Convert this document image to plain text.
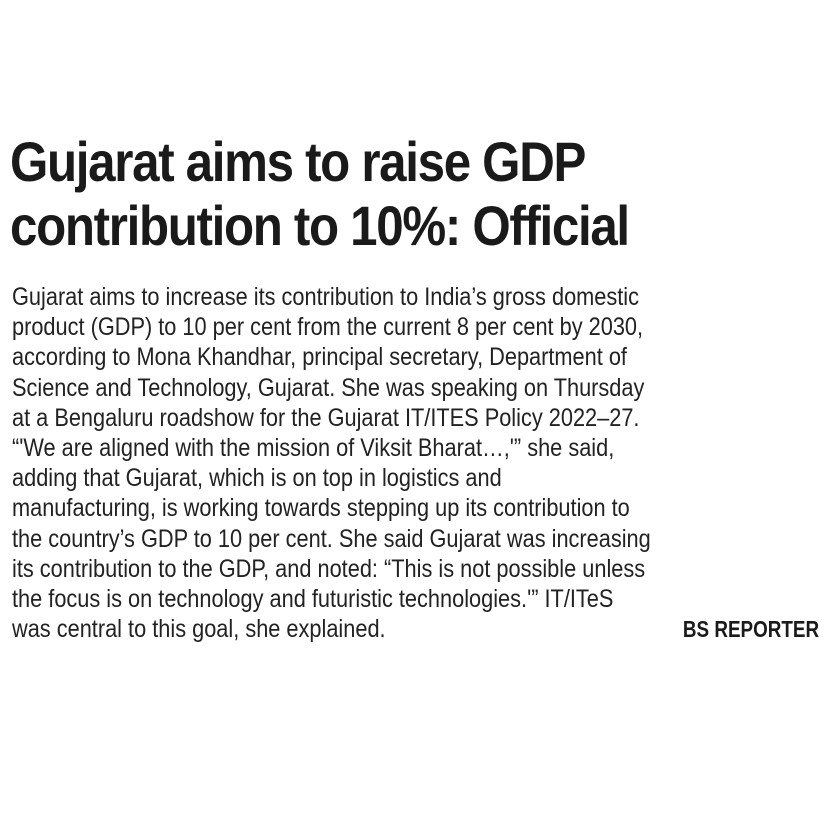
Gujarat aims to raise GDP
contribution to 10%: Official
Gujarat aims to increase its contribution to India’s gross domestic
product (GDP) to 10 per cent from the current 8 per cent by 2030,
according to Mona Khandhar, principal secretary, Department of
Science and Technology, Gujarat. She was speaking on Thursday
at a Bengaluru roadshow for the Gujarat IT/ITES Policy 2022–27.
“'We are aligned with the mission of Viksit Bharat…,'” she said,
adding that Gujarat, which is on top in logistics and
manufacturing, is working towards stepping up its contribution to
the country’s GDP to 10 per cent. She said Gujarat was increasing
its contribution to the GDP, and noted: “This is not possible unless
the focus is on technology and futuristic technologies.'” IT/ITeS
was central to this goal, she explained.	BS REPORTER
